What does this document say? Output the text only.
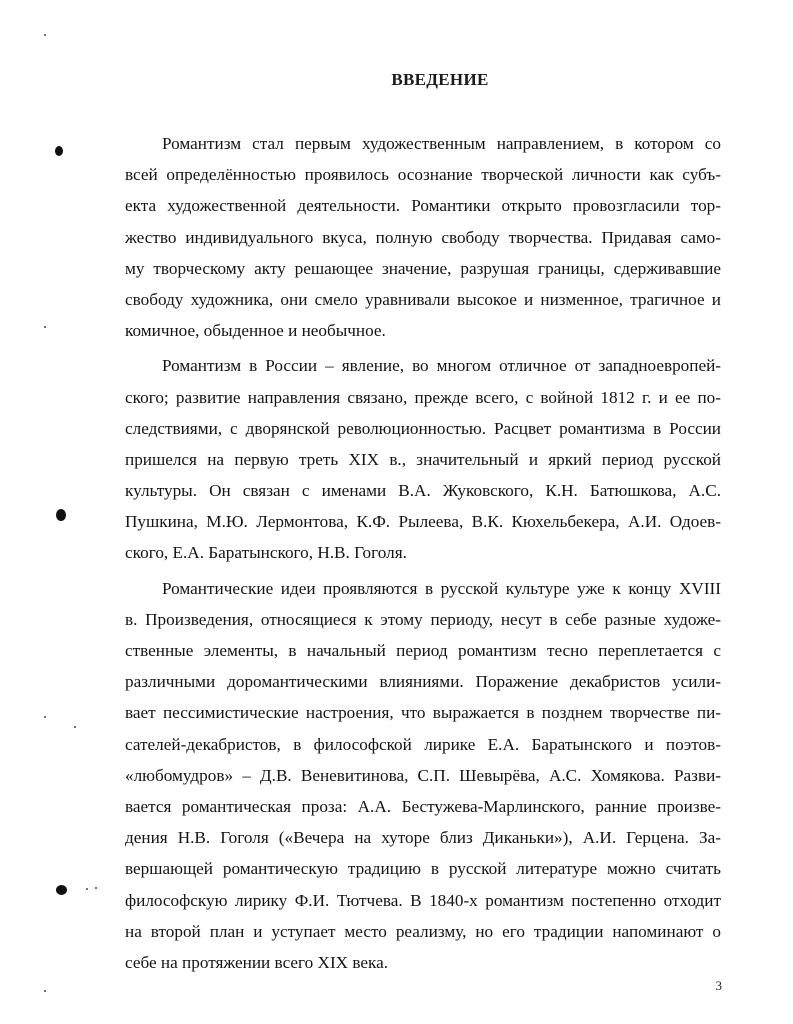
ВВЕДЕНИЕ
Романтизм стал первым художественным направлением, в котором со
всей определённостью проявилось осознание творческой личности как субъ-
екта художественной деятельности. Романтики открыто провозгласили тор-
жество индивидуального вкуса, полную свободу творчества. Придавая само-
му творческому акту решающее значение, разрушая границы, сдерживавшие
свободу художника, они смело уравнивали высокое и низменное, трагичное и
комичное, обыденное и необычное.
Романтизм в России – явление, во многом отличное от западноевропей-
ского; развитие направления связано, прежде всего, с войной 1812 г. и ее по-
следствиями, с дворянской революционностью. Расцвет романтизма в России
пришелся на первую треть XIX в., значительный и яркий период русской
культуры. Он связан с именами В.А. Жуковского, К.Н. Батюшкова, А.С.
Пушкина, М.Ю. Лермонтова, К.Ф. Рылеева, В.К. Кюхельбекера, А.И. Одоев-
ского, Е.А. Баратынского, Н.В. Гоголя.
Романтические идеи проявляются в русской культуре уже к концу XVIII
в. Произведения, относящиеся к этому периоду, несут в себе разные художе-
ственные элементы, в начальный период романтизм тесно переплетается с
различными доромантическими влияниями. Поражение декабристов усили-
вает пессимистические настроения, что выражается в позднем творчестве пи-
сателей-декабристов, в философской лирике Е.А. Баратынского и поэтов-
«любомудров» – Д.В. Веневитинова, С.П. Шевырёва, А.С. Хомякова. Разви-
вается романтическая проза: А.А. Бестужева-Марлинского, ранние произве-
дения Н.В. Гоголя («Вечера на хуторе близ Диканьки»), А.И. Герцена. За-
вершающей романтическую традицию в русской литературе можно считать
философскую лирику Ф.И. Тютчева. В 1840-х романтизм постепенно отходит
на второй план и уступает место реализму, но его традиции напоминают о
себе на протяжении всего XIX века.
3
